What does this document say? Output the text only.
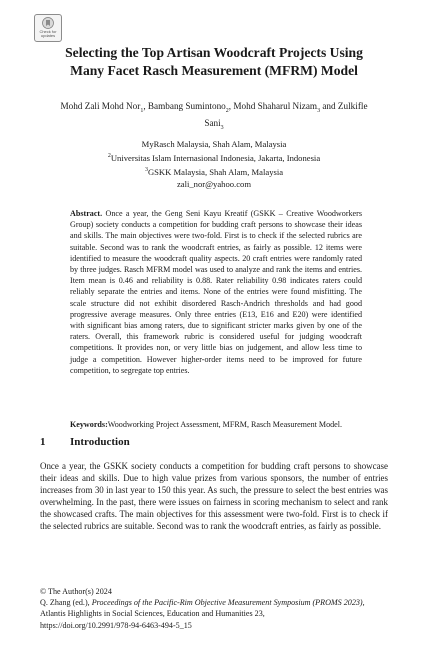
Check for
updates
Selecting the Top Artisan Woodcraft Projects Using
Many Facet Rasch Measurement (MFRM) Model
Mohd Zali Mohd Nor$_1$, Bambang Sumintono$_2$, Mohd Shaharul Nizam$_3$ and Zulkifle
Sani$_3$
MyRasch Malaysia, Shah Alam, Malaysia
$^2$Universitas Islam Internasional Indonesia, Jakarta, Indonesia
$^3$GSKK Malaysia, Shah Alam, Malaysia
zali_nor@yahoo.com
Abstract. Once a year, the Geng Seni Kayu Kreatif (GSKK – Creative Woodworkers Group) society conducts a competition for budding craft persons to showcase their ideas and skills. The main objectives were two-fold. First is to check if the selected rubrics are suitable. Second was to rank the woodcraft entries, as fairly as possible. 12 items were identified to measure the woodcraft quality aspects. 20 craft entries were randomly rated by three judges. Rasch MFRM model was used to analyze and rank the items and entries. Item mean is 0.46 and reliability is 0.88. Rater reliability 0.98 indicates raters could reliably separate the entries and items. None of the entries were found misfitting. The scale structure did not exhibit disordered Rasch-Andrich thresholds and had good progressive average measures. Only three entries (E13, E16 and E20) were identified with significant bias among raters, due to significant stricter marks given by one of the raters. Overall, this framework rubric is considered useful for judging woodcraft competitions. It provides non, or very little bias on judgement, and allow less time to judge a competition. However higher-order items need to be improved for future competition, to segregate top entries.
Keywords:Woodworking Project Assessment, MFRM, Rasch Measurement Model.
1 Introduction
Once a year, the GSKK society conducts a competition for budding craft persons to showcase their ideas and skills. Due to high value prizes from various sponsors, the number of entries increases from 30 in last year to 150 this year. As such, the pressure to select the best entries was overwhelming. In the past, there were issues on fairness in scoring mechanism to select and rank the showcased crafts. The main objectives for this assessment were two-fold. First is to check if the selected rubrics are suitable. Second was to rank the woodcraft entries, as fairly as possible.
© The Author(s) 2024
Q. Zhang (ed.), Proceedings of the Pacific-Rim Objective Measurement Symposium (PROMS 2023),
Atlantis Highlights in Social Sciences, Education and Humanities 23,
https://doi.org/10.2991/978-94-6463-494-5_15
